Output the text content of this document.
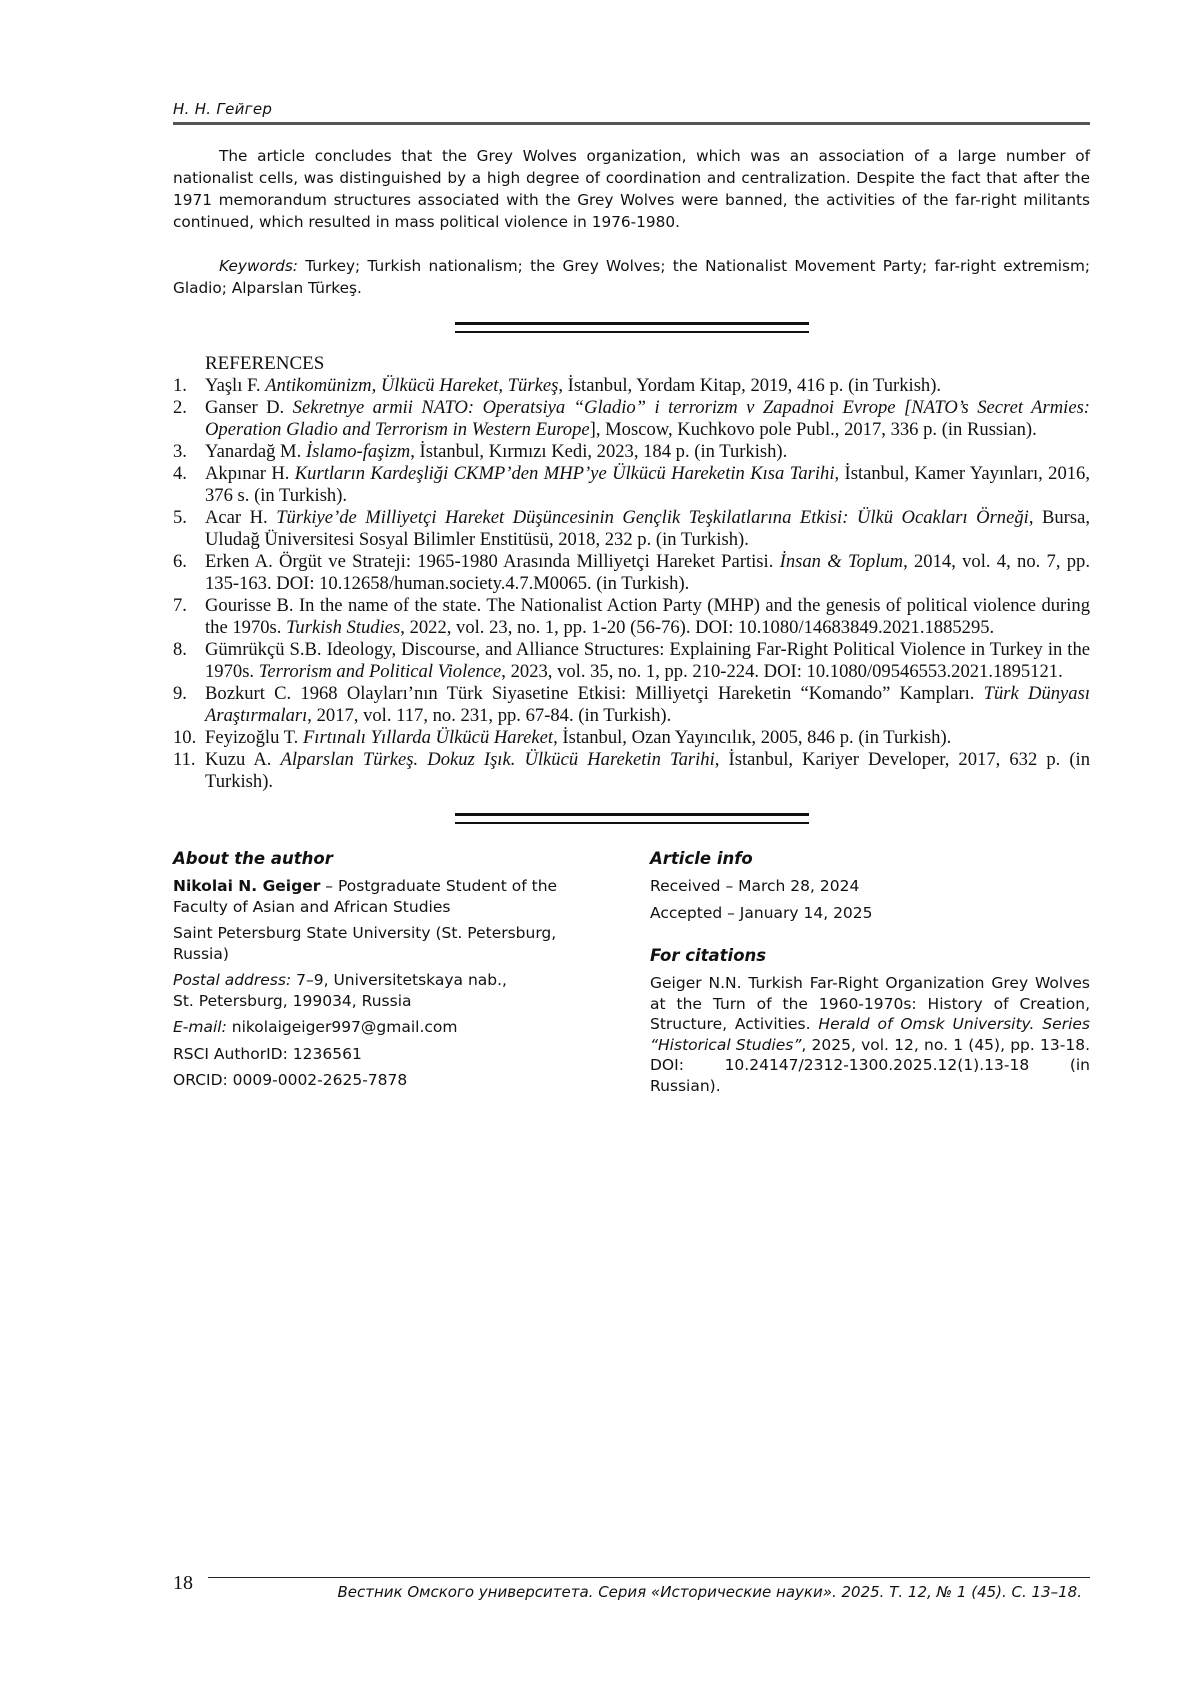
Н. Н. Гейгер
The article concludes that the Grey Wolves organization, which was an association of a large number of nationalist cells, was distinguished by a high degree of coordination and centralization. Despite the fact that after the 1971 memorandum structures associated with the Grey Wolves were banned, the activities of the far-right militants continued, which resulted in mass political violence in 1976-1980.
Keywords: Turkey; Turkish nationalism; the Grey Wolves; the Nationalist Movement Party; far-right extremism; Gladio; Alparslan Türkeş.
REFERENCES
1. Yaşlı F. Antikomünizm, Ülkücü Hareket, Türkeş, İstanbul, Yordam Kitap, 2019, 416 p. (in Turkish).
2. Ganser D. Sekretnye armii NATO: Operatsiya “Gladio” i terrorizm v Zapadnoi Evrope [NATO’s Secret Armies: Operation Gladio and Terrorism in Western Europe], Moscow, Kuchkovo pole Publ., 2017, 336 p. (in Russian).
3. Yanardağ M. İslamo-faşizm, İstanbul, Kırmızı Kedi, 2023, 184 p. (in Turkish).
4. Akpınar H. Kurtların Kardeşliği CKMP’den MHP’ye Ülkücü Hareketin Kısa Tarihi, İstanbul, Kamer Yayınları, 2016, 376 s. (in Turkish).
5. Acar H. Türkiye’de Milliyetçi Hareket Düşüncesinin Gençlik Teşkilatlarına Etkisi: Ülkü Ocakları Örneği, Bursa, Uludağ Üniversitesi Sosyal Bilimler Enstitüsü, 2018, 232 p. (in Turkish).
6. Erken A. Örgüt ve Strateji: 1965-1980 Arasında Milliyetçi Hareket Partisi. İnsan & Toplum, 2014, vol. 4, no. 7, pp. 135-163. DOI: 10.12658/human.society.4.7.M0065. (in Turkish).
7. Gourisse B. In the name of the state. The Nationalist Action Party (MHP) and the genesis of political violence during the 1970s. Turkish Studies, 2022, vol. 23, no. 1, pp. 1-20 (56-76). DOI: 10.1080/14683849.2021.1885295.
8. Gümrükçü S.B. Ideology, Discourse, and Alliance Structures: Explaining Far-Right Political Violence in Turkey in the 1970s. Terrorism and Political Violence, 2023, vol. 35, no. 1, pp. 210-224. DOI: 10.1080/09546553.2021.1895121.
9. Bozkurt C. 1968 Olayları’nın Türk Siyasetine Etkisi: Milliyetçi Hareketin “Komando” Kampları. Türk Dünyası Araştırmaları, 2017, vol. 117, no. 231, pp. 67-84. (in Turkish).
10. Feyizoğlu T. Fırtınalı Yıllarda Ülkücü Hareket, İstanbul, Ozan Yayıncılık, 2005, 846 p. (in Turkish).
11. Kuzu A. Alparslan Türkeş. Dokuz Işık. Ülkücü Hareketin Tarihi, İstanbul, Kariyer Developer, 2017, 632 p. (in Turkish).
About the author

Nikolai N. Geiger – Postgraduate Student of the Faculty of Asian and African Studies

Saint Petersburg State University (St. Petersburg, Russia)

Postal address: 7–9, Universitetskaya nab.,
St. Petersburg, 199034, Russia

E-mail: nikolaigeiger997@gmail.com

RSCI AuthorID: 1236561

ORCID: 0009-0002-2625-7878

Article info

Received – March 28, 2024

Accepted – January 14, 2025

For citations

Geiger N.N. Turkish Far-Right Organization Grey Wolves at the Turn of the 1960-1970s: History of Creation, Structure, Activities. Herald of Omsk University. Series “Historical Studies”, 2025, vol. 12, no. 1 (45), pp. 13-18. DOI: 10.24147/2312-1300.2025.12(1).13-18 (in Russian).

18	Вестник Омского университета. Серия «Исторические науки». 2025. Т. 12, № 1 (45). С. 13–18.
